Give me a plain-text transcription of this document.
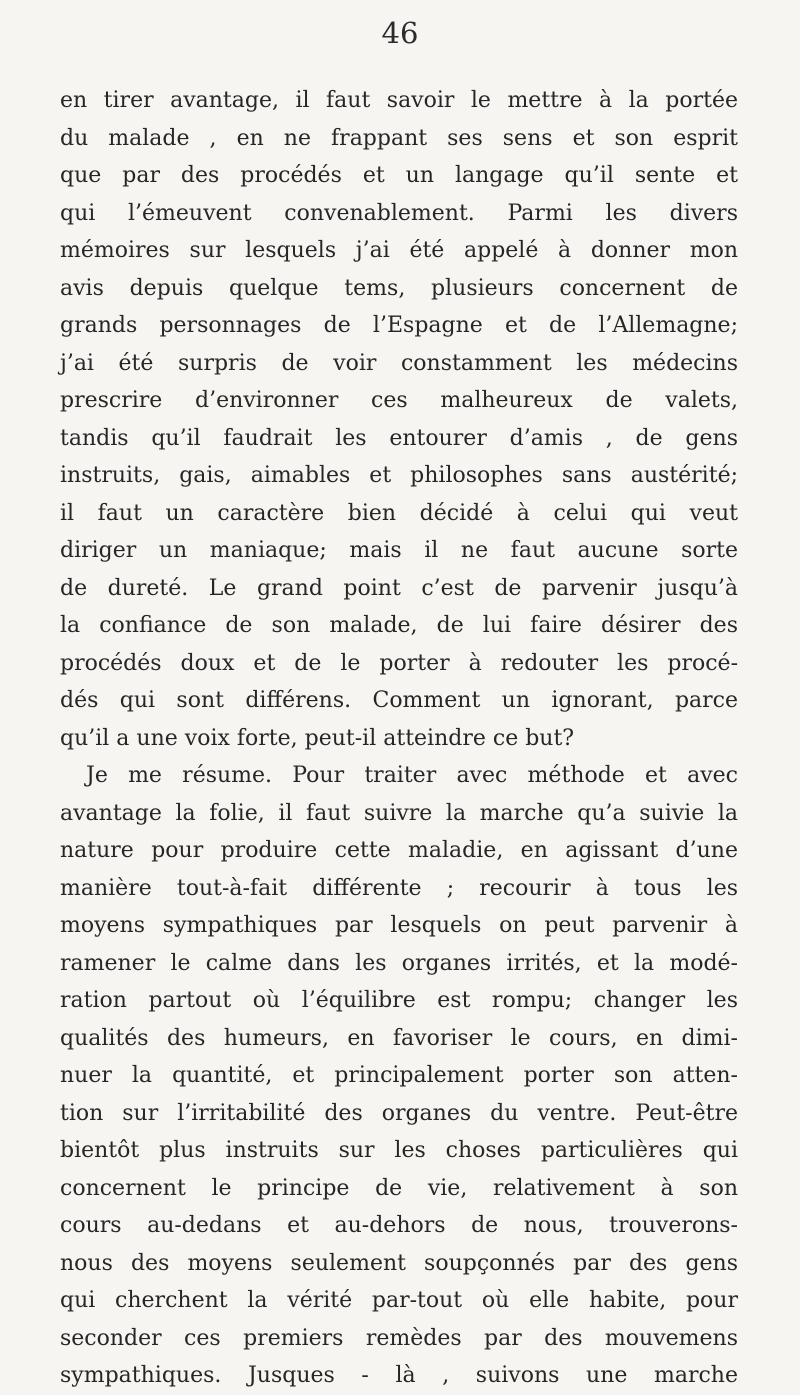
46
en tirer avantage, il faut savoir le mettre à la portée
du malade , en ne frappant ses sens et son esprit
que par des procédés et un langage qu’il sente et
qui l’émeuvent convenablement. Parmi les divers
mémoires sur lesquels j’ai été appelé à donner mon
avis depuis quelque tems, plusieurs concernent de
grands personnages de l’Espagne et de l’Allemagne;
j’ai été surpris de voir constamment les médecins
prescrire d’environner ces malheureux de valets,
tandis qu’il faudrait les entourer d’amis , de gens
instruits, gais, aimables et philosophes sans austérité;
il faut un caractère bien décidé à celui qui veut
diriger un maniaque; mais il ne faut aucune sorte
de dureté. Le grand point c’est de parvenir jusqu’à
la confiance de son malade, de lui faire désirer des
procédés doux et de le porter à redouter les procé-
dés qui sont différens. Comment un ignorant, parce
qu’il a une voix forte, peut-il atteindre ce but?
Je me résume. Pour traiter avec méthode et avec
avantage la folie, il faut suivre la marche qu’a suivie la
nature pour produire cette maladie, en agissant d’une
manière tout-à-fait différente ; recourir à tous les
moyens sympathiques par lesquels on peut parvenir à
ramener le calme dans les organes irrités, et la modé-
ration partout où l’équilibre est rompu; changer les
qualités des humeurs, en favoriser le cours, en dimi-
nuer la quantité, et principalement porter son atten-
tion sur l’irritabilité des organes du ventre. Peut-être
bientôt plus instruits sur les choses particulières qui
concernent le principe de vie, relativement à son
cours au-dedans et au-dehors de nous, trouverons-
nous des moyens seulement soupçonnés par des gens
qui cherchent la vérité par-tout où elle habite, pour
seconder ces premiers remèdes par des mouvemens
sympathiques. Jusques - là , suivons une marche
